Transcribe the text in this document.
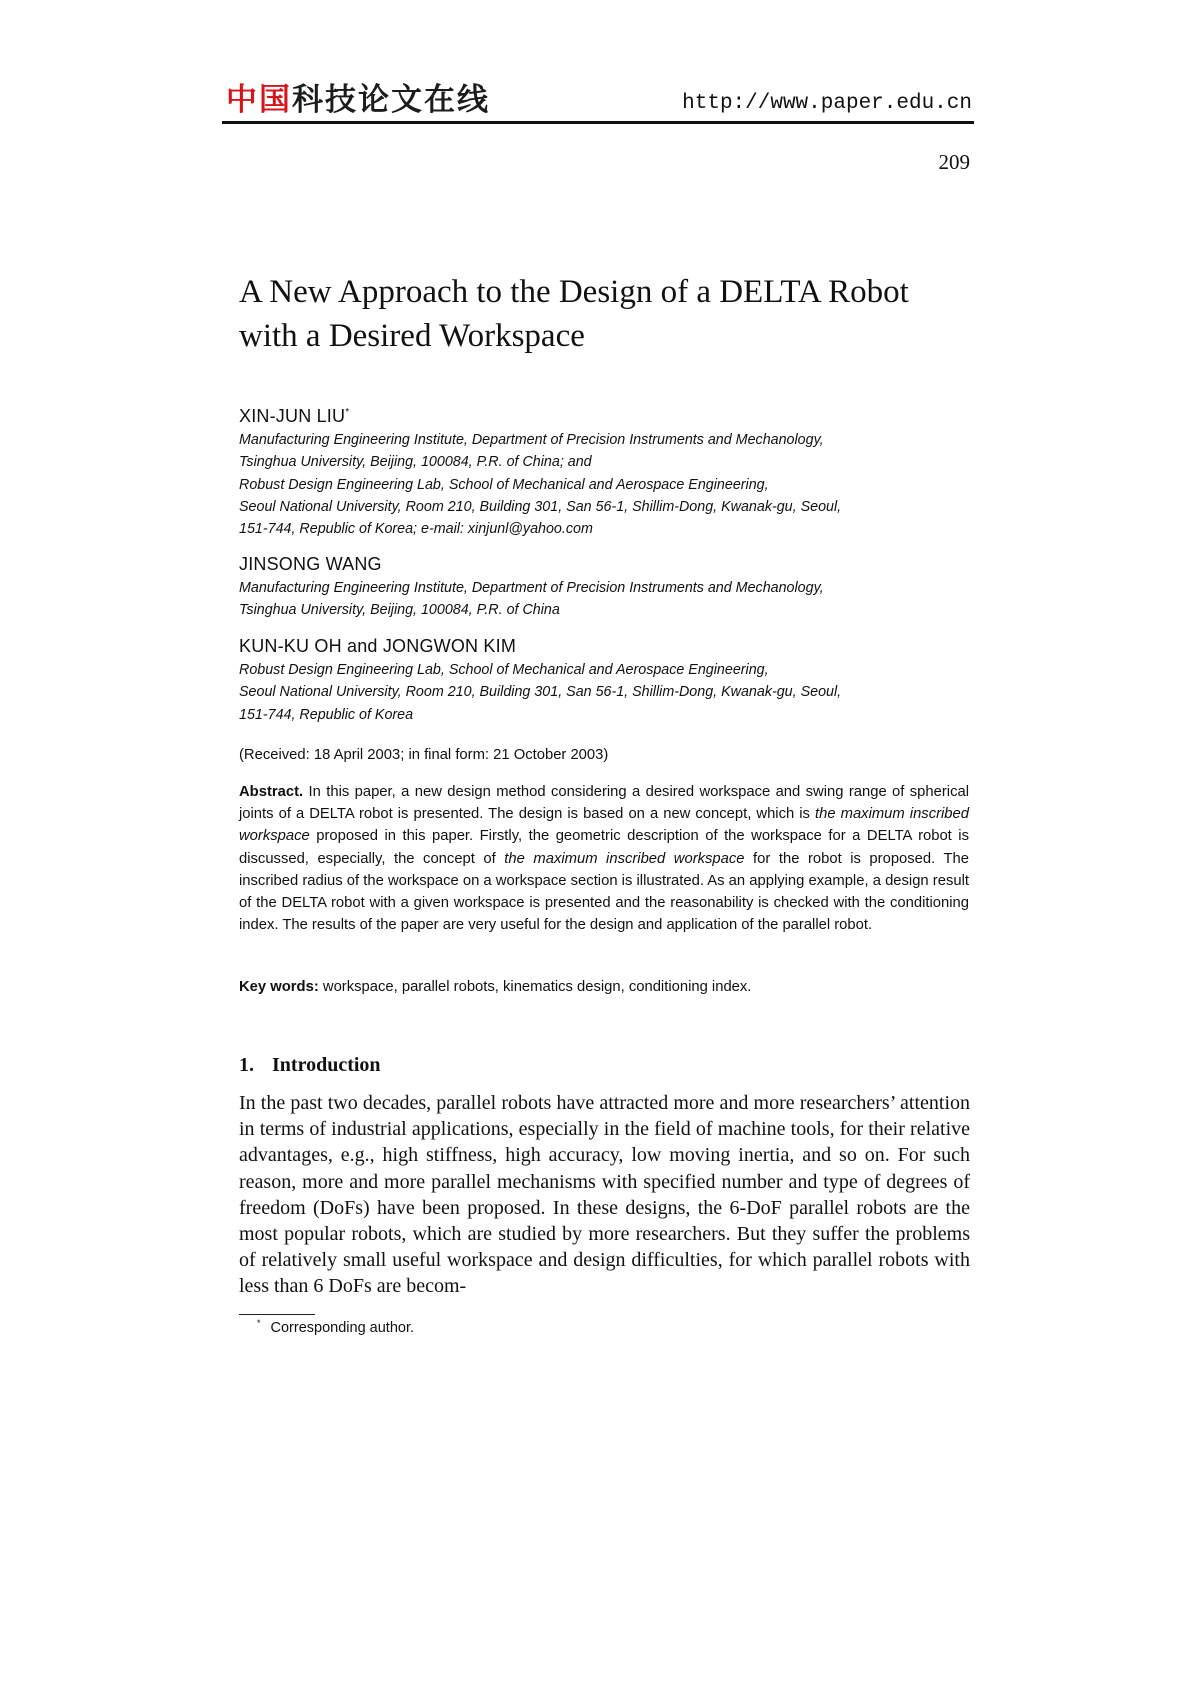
中国科技论文在线	http://www.paper.edu.cn
209
A New Approach to the Design of a DELTA Robot with a Desired Workspace
XIN-JUN LIU*
Manufacturing Engineering Institute, Department of Precision Instruments and Mechanology,
Tsinghua University, Beijing, 100084, P.R. of China; and
Robust Design Engineering Lab, School of Mechanical and Aerospace Engineering,
Seoul National University, Room 210, Building 301, San 56-1, Shillim-Dong, Kwanak-gu, Seoul,
151-744, Republic of Korea; e-mail: xinjunl@yahoo.com
JINSONG WANG
Manufacturing Engineering Institute, Department of Precision Instruments and Mechanology,
Tsinghua University, Beijing, 100084, P.R. of China
KUN-KU OH and JONGWON KIM
Robust Design Engineering Lab, School of Mechanical and Aerospace Engineering,
Seoul National University, Room 210, Building 301, San 56-1, Shillim-Dong, Kwanak-gu, Seoul,
151-744, Republic of Korea
(Received: 18 April 2003; in final form: 21 October 2003)
Abstract. In this paper, a new design method considering a desired workspace and swing range of spherical joints of a DELTA robot is presented. The design is based on a new concept, which is the maximum inscribed workspace proposed in this paper. Firstly, the geometric description of the workspace for a DELTA robot is discussed, especially, the concept of the maximum inscribed workspace for the robot is proposed. The inscribed radius of the workspace on a workspace section is illustrated. As an applying example, a design result of the DELTA robot with a given workspace is presented and the reasonability is checked with the conditioning index. The results of the paper are very useful for the design and application of the parallel robot.
Key words: workspace, parallel robots, kinematics design, conditioning index.
1. Introduction
In the past two decades, parallel robots have attracted more and more researchers’ attention in terms of industrial applications, especially in the field of machine tools, for their relative advantages, e.g., high stiffness, high accuracy, low moving inertia, and so on. For such reason, more and more parallel mechanisms with specified number and type of degrees of freedom (DoFs) have been proposed. In these designs, the 6-DoF parallel robots are the most popular robots, which are studied by more researchers. But they suffer the problems of relatively small useful workspace and design difficulties, for which parallel robots with less than 6 DoFs are becom-
* Corresponding author.
